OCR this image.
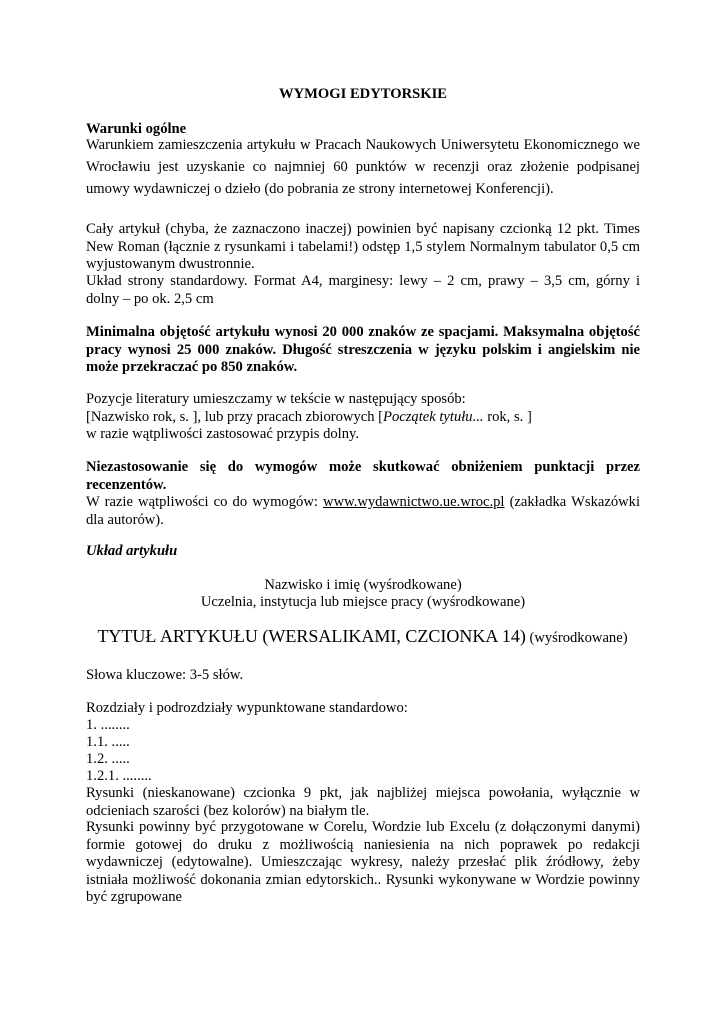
WYMOGI EDYTORSKIE

Warunki ogólne

Warunkiem zamieszczenia artykułu w Pracach Naukowych Uniwersytetu Ekonomicznego we Wrocławiu jest uzyskanie co najmniej 60 punktów w recenzji oraz złożenie podpisanej umowy wydawniczej o dzieło (do pobrania ze strony internetowej Konferencji).

Cały artykuł (chyba, że zaznaczono inaczej) powinien być napisany czcionką 12 pkt. Times New Roman (łącznie z rysunkami i tabelami!) odstęp 1,5 stylem Normalnym tabulator 0,5 cm wyjustowanym dwustronnie.

Układ strony standardowy. Format A4, marginesy: lewy – 2 cm, prawy – 3,5 cm, górny i dolny – po ok. 2,5 cm

Minimalna objętość artykułu wynosi 20 000 znaków ze spacjami. Maksymalna objętość pracy wynosi 25 000 znaków. Długość streszczenia w języku polskim i angielskim nie może przekraczać po 850 znaków.

Pozycje literatury umieszczamy w tekście w następujący sposób:

[Nazwisko rok, s. ], lub przy pracach zbiorowych [Początek tytułu... rok, s. ]

w razie wątpliwości zastosować przypis dolny.

Niezastosowanie się do wymogów może skutkować obniżeniem punktacji przez recenzentów.

W razie wątpliwości co do wymogów: www.wydawnictwo.ue.wroc.pl (zakładka Wskazówki dla autorów).

Układ artykułu

Nazwisko i imię (wyśrodkowane)

Uczelnia, instytucja lub miejsce pracy (wyśrodkowane)

TYTUŁ ARTYKUŁU (WERSALIKAMI, CZCIONKA 14) (wyśrodkowane)

Słowa kluczowe: 3-5 słów.

Rozdziały i podrozdziały wypunktowane standardowo:

1. ........

1.1. .....

1.2. .....

1.2.1. ........

Rysunki (nieskanowane) czcionka 9 pkt, jak najbliżej miejsca powołania, wyłącznie w odcieniach szarości (bez kolorów) na białym tle.

Rysunki powinny być przygotowane w Corelu, Wordzie lub Excelu (z dołączonymi danymi) formie gotowej do druku z możliwością naniesienia na nich poprawek po redakcji wydawniczej (edytowalne). Umieszczając wykresy, należy przesłać plik źródłowy, żeby istniała możliwość dokonania zmian edytorskich.. Rysunki wykonywane w Wordzie powinny być zgrupowane
